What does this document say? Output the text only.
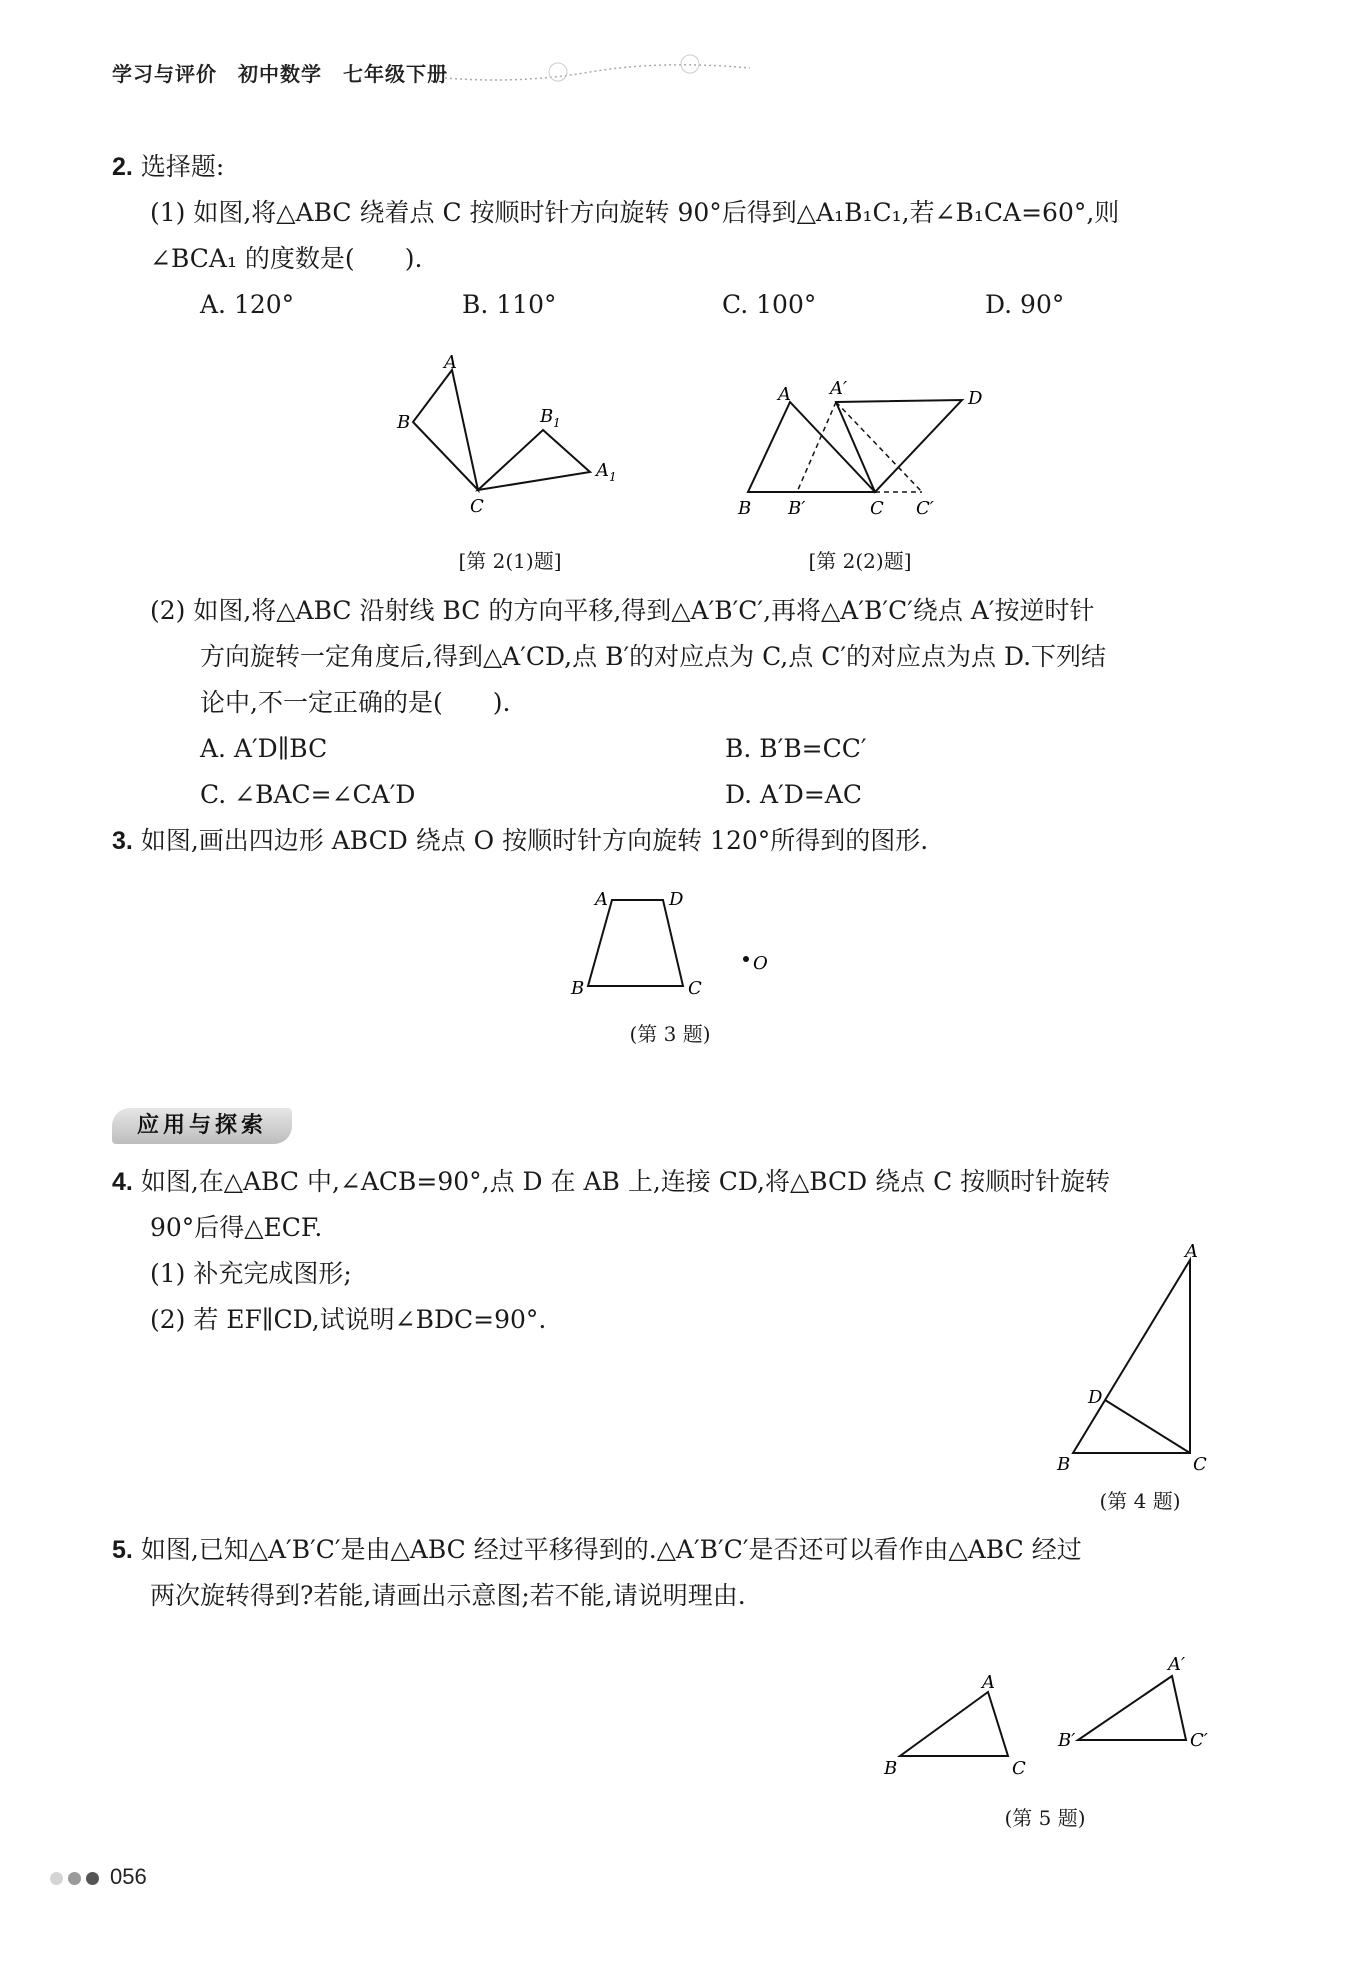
学习与评价　初中数学　七年级下册
2. 选择题:
(1) 如图,将△ABC 绕着点 C 按顺时针方向旋转 90°后得到△A₁B₁C₁,若∠B₁CA=60°,则
∠BCA₁ 的度数是(　　).
A. 120°	B. 110°	C. 100°	D. 90°
A
B
C
B 1
A 1
[第 2(1)题]
A A′	D
B B′	C C′
[第 2(2)题]
(2) 如图,将△ABC 沿射线 BC 的方向平移,得到△A′B′C′,再将△A′B′C′绕点 A′按逆时针
方向旋转一定角度后,得到△A′CD,点 B′的对应点为 C,点 C′的对应点为点 D.下列结
论中,不一定正确的是(　　).
A. A′D∥BC	B. B′B=CC′
C. ∠BAC=∠CA′D	D. A′D=AC
3. 如图,画出四边形 ABCD 绕点 O 按顺时针方向旋转 120°所得到的图形.
A	D
B	C
O
(第 3 题)
应用与探索
4. 如图,在△ABC 中,∠ACB=90°,点 D 在 AB 上,连接 CD,将△BCD 绕点 C 按顺时针旋转
90°后得△ECF.
(1) 补充完成图形;
(2) 若 EF∥CD,试说明∠BDC=90°.
A
D
B	C
(第 4 题)
5. 如图,已知△A′B′C′是由△ABC 经过平移得到的.△A′B′C′是否还可以看作由△ABC 经过
两次旋转得到?若能,请画出示意图;若不能,请说明理由.
A
B	C
A′
B′	C′
(第 5 题)
056
